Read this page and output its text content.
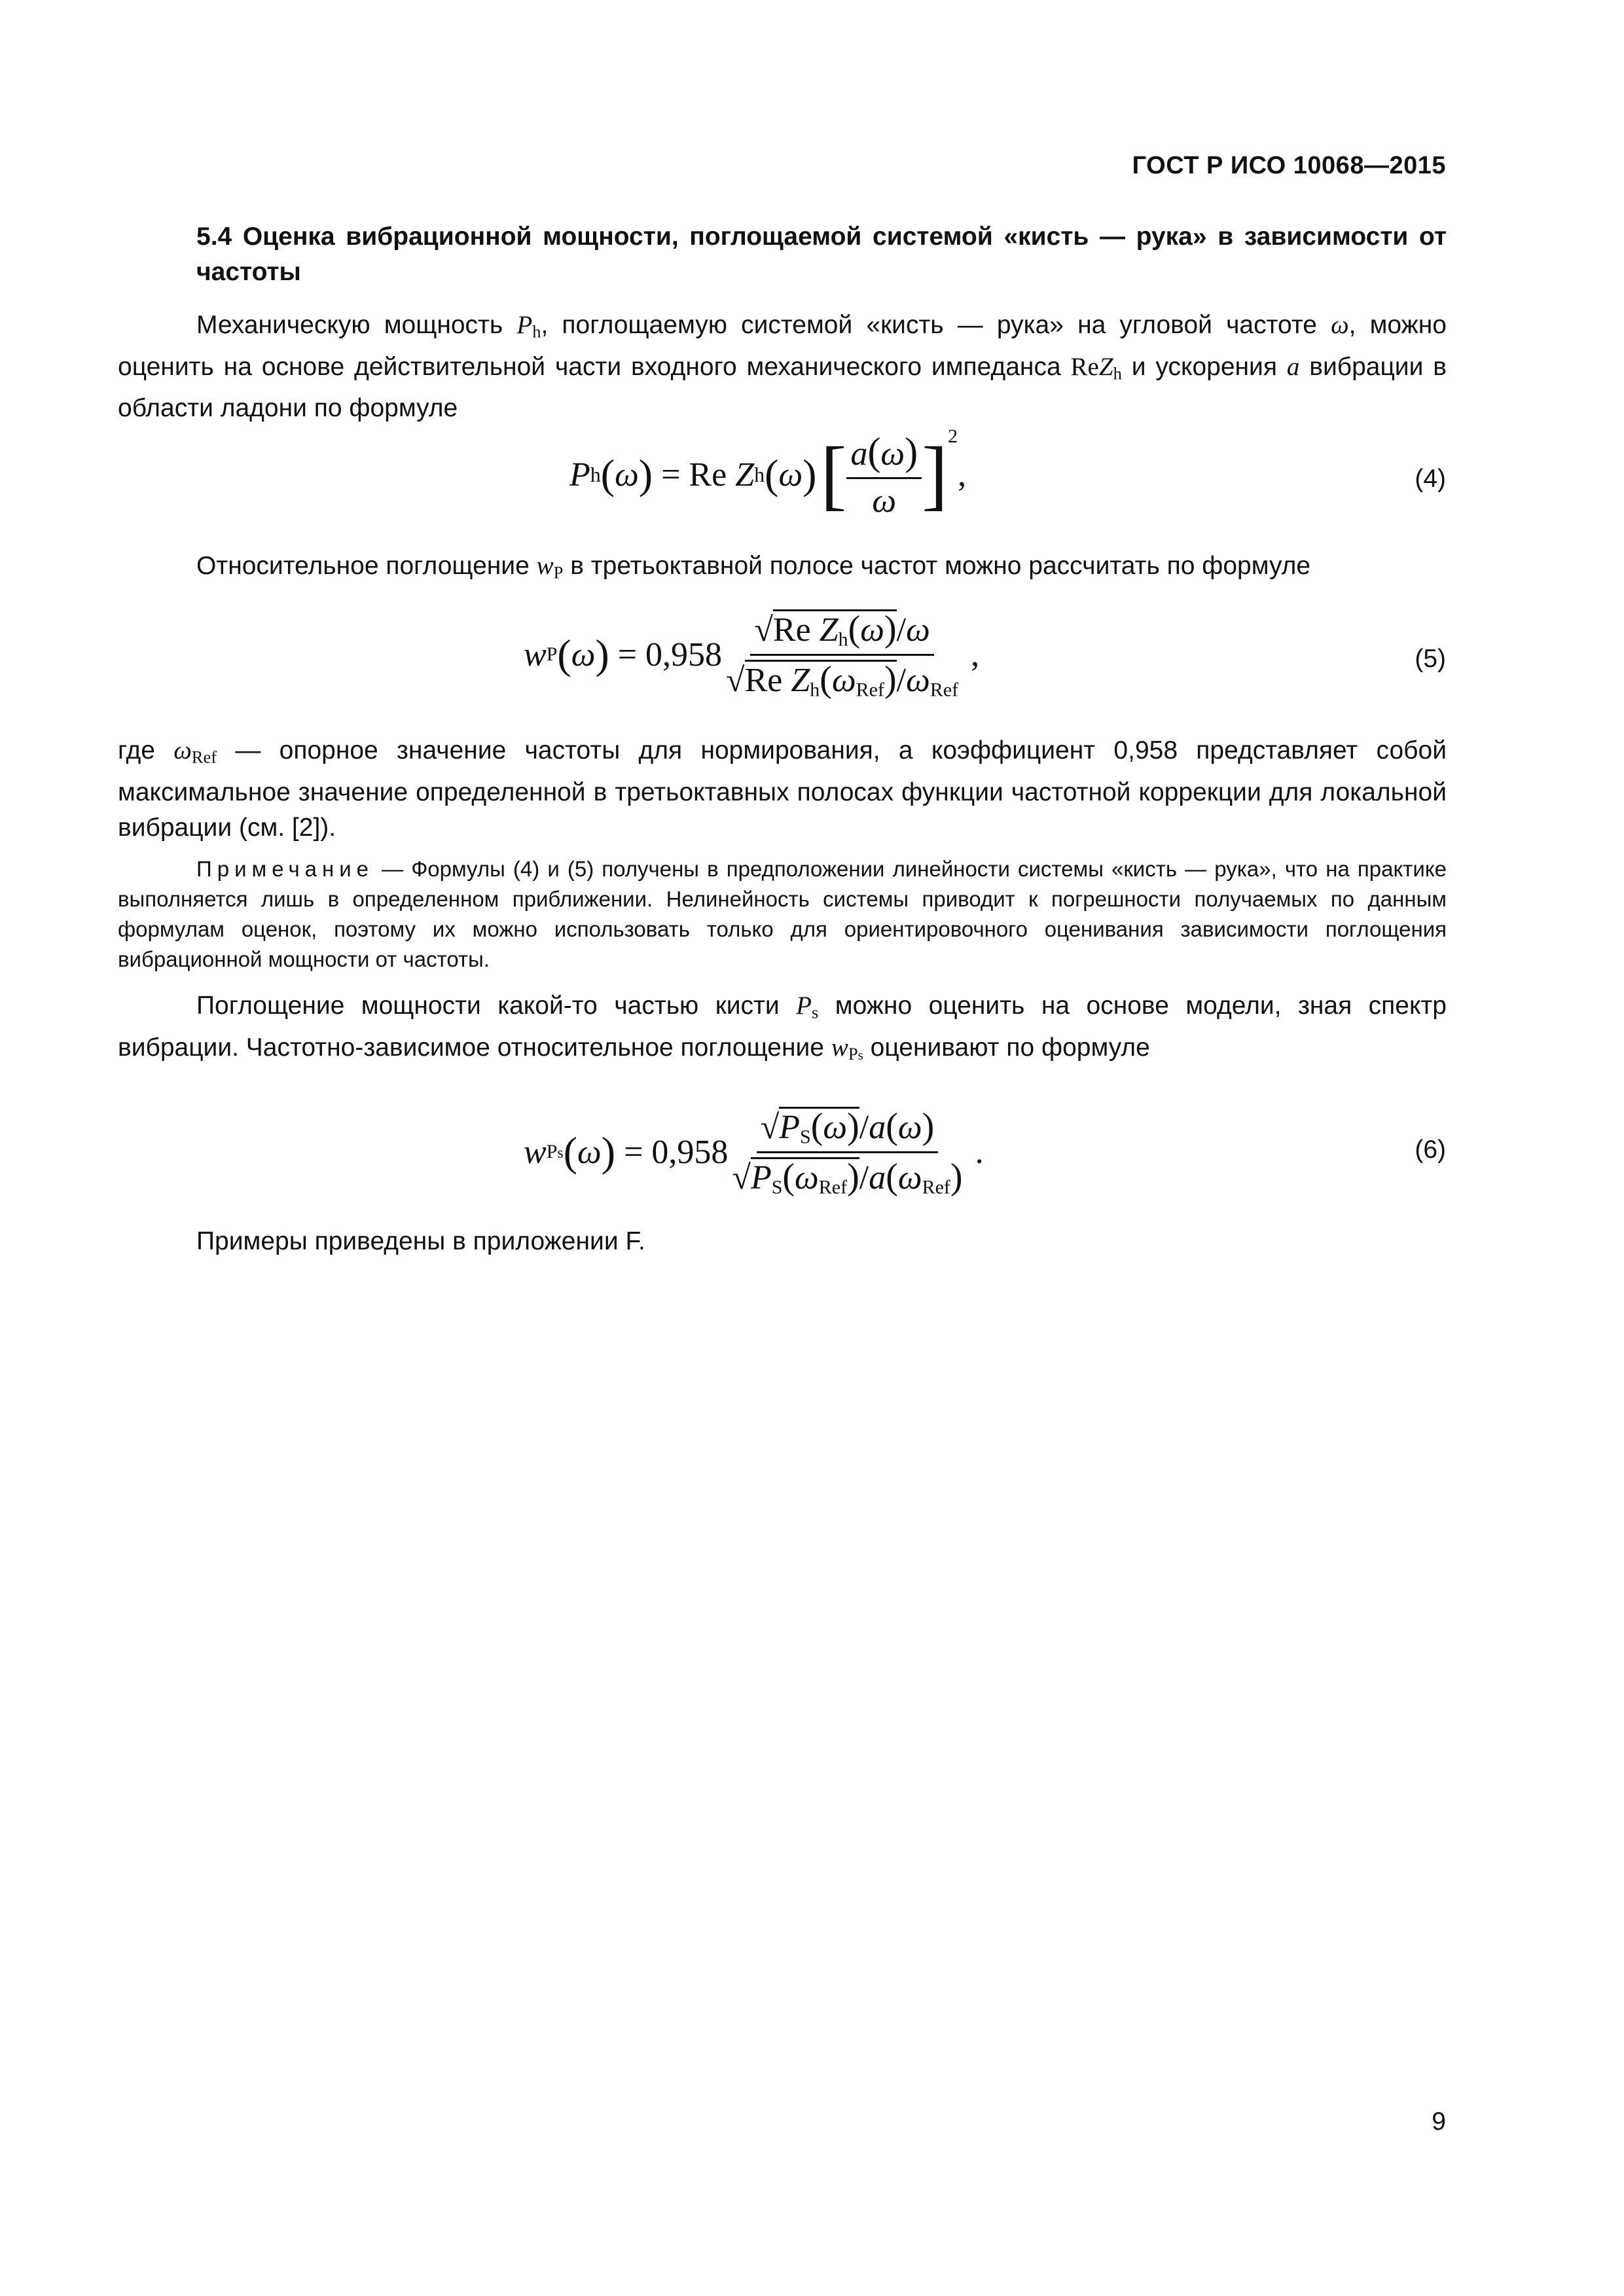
ГОСТ Р ИСО 10068—2015
5.4 Оценка вибрационной мощности, поглощаемой системой «кисть — рука» в зависимости от частоты
Механическую мощность $P_h$, поглощаемую системой «кисть — рука» на угловой частоте ω, можно оценить на основе действительной части входного механического импеданса ReZ$_h$ и ускорения a вибрации в области ладони по формуле
P h ( ω ) = Re Z h ( ω ) [ $\frac{a(\omega)}{\omega}$ ] 2
,	(4)
Относительное поглощение $w_P$ в третьоктавной полосе частот можно рассчитать по формуле
w P ( ω ) = $0,958 \frac{√Re Z_h(\omega)/\omega}{√Re Z_h(\omega_{Ref})/\omega_{Ref}}$ ,	(5)
где $\omega_{Ref}$ — опорное значение частоты для нормирования, а коэффициент 0,958 представляет собой максимальное значение определенной в третьоктавных полосах функции частотной коррекции для локальной вибрации (см. [2]).
Примечание — Формулы (4) и (5) получены в предположении линейности системы «кисть — рука», что на практике выполняется лишь в определенном приближении. Нелинейность системы приводит к погрешности получаемых по данным формулам оценок, поэтому их можно использовать только для ориентировочного оценивания зависимости поглощения вибрационной мощности от частоты.
Поглощение мощности какой-то частью кисти $P_s$ можно оценить на основе модели, зная спектр вибрации. Частотно-зависимое относительное поглощение $w_{Ps}$ оценивают по формуле
w Ps ( ω ) = $0,958 \frac{√P_S(\omega)/a(\omega)}{√P_S(\omega_{Ref})/a(\omega_{Ref})}$ .	(6)
Примеры приведены в приложении F.
9
